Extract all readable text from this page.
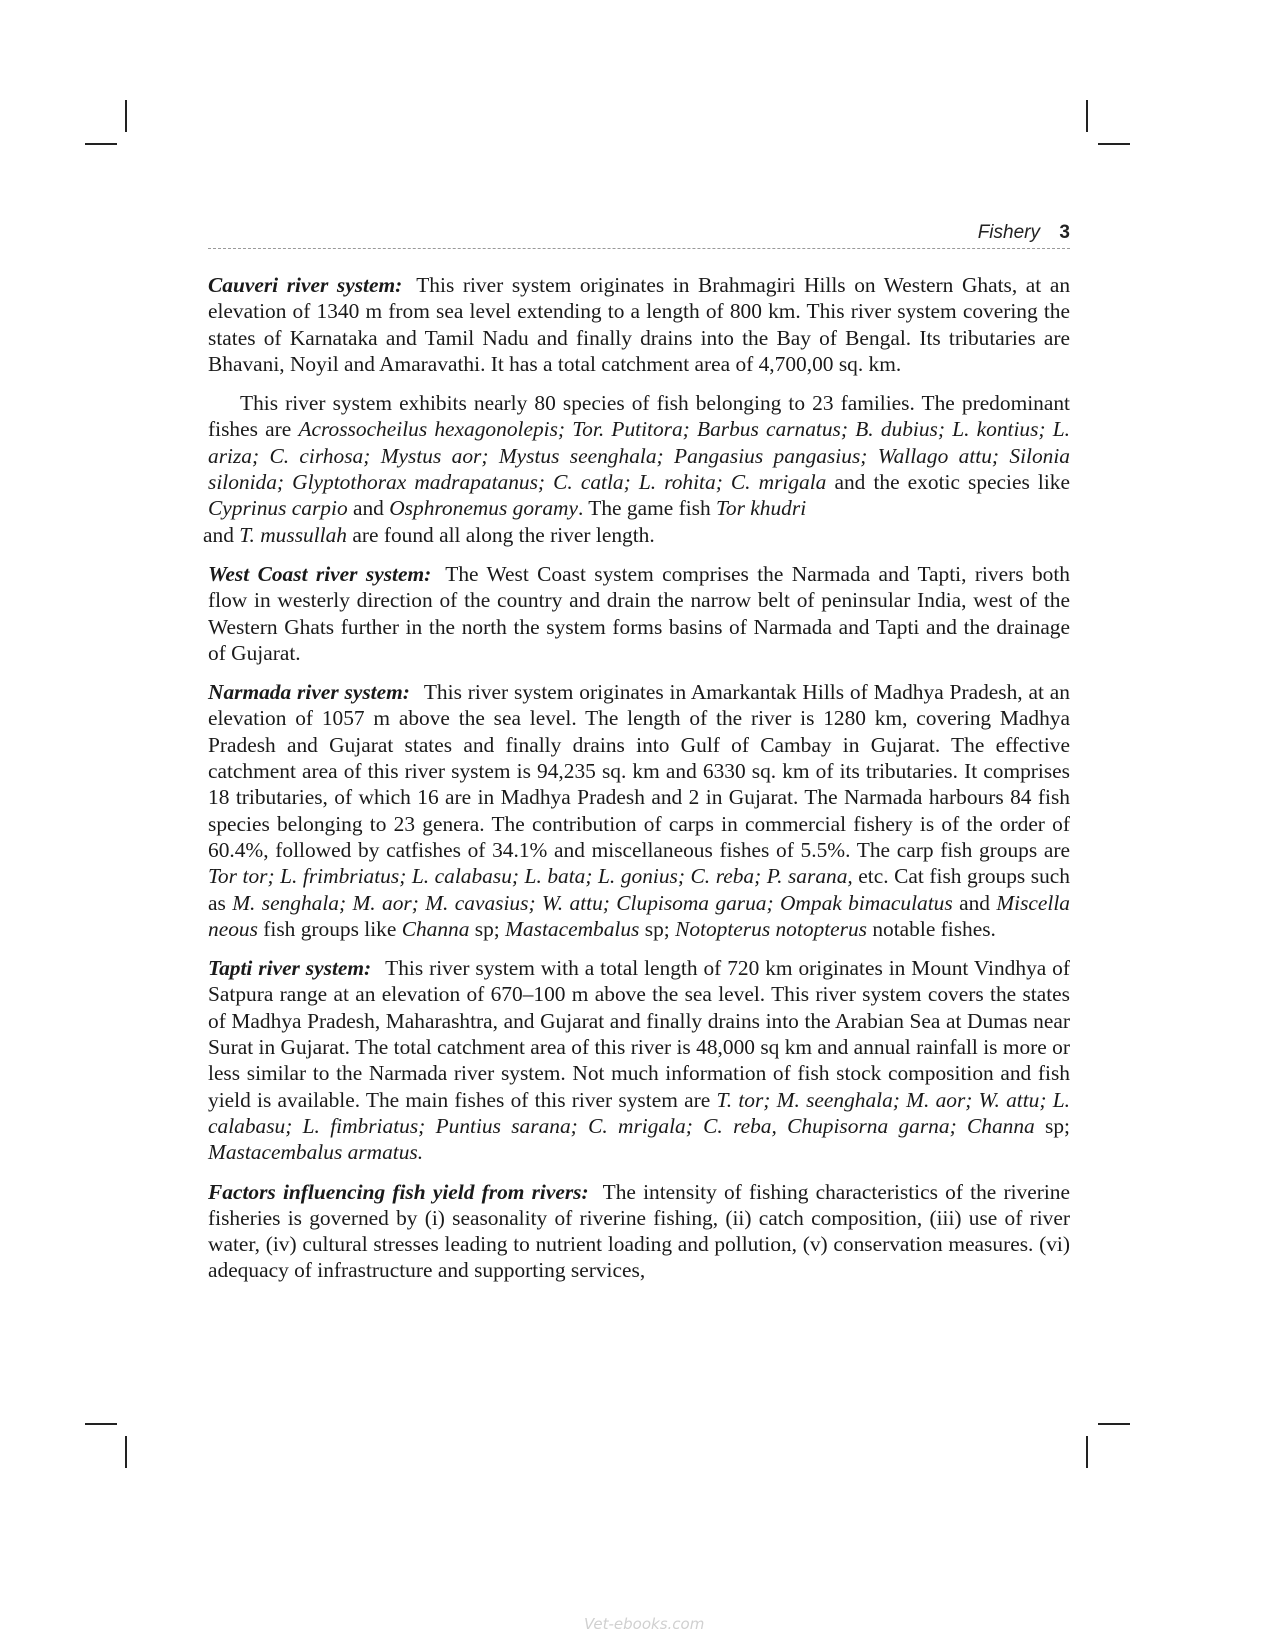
Fishery 3

Cauveri river system: This river system originates in Brahmagiri Hills on Western Ghats, at an elevation of 1340 m from sea level extending to a length of 800 km. This river system covering the states of Karnataka and Tamil Nadu and finally drains into the Bay of Bengal. Its tributaries are Bhavani, Noyil and Amaravathi. It has a total catchment area of 4,700,00 sq. km.

This river system exhibits nearly 80 species of fish belonging to 23 families. The predominant fishes are Acrossocheilus hexagonolepis; Tor. Putitora; Barbus carnatus; B. dubius; L. kontius; L. ariza; C. cirhosa; Mystus aor; Mystus seenghala; Pangasius pangasius; Wallago attu; Silonia silonida; Glyptothorax madrapatanus; C. catla; L. rohita; C. mrigala and the exotic species like Cyprinus carpio and Osphronemus goramy. The game fish Tor khudri
and T. mussullah are found all along the river length.

West Coast river system: The West Coast system comprises the Narmada and Tapti, rivers both flow in westerly direction of the country and drain the narrow belt of peninsular India, west of the Western Ghats further in the north the system forms basins of Narmada and Tapti and the drainage of Gujarat.

Narmada river system: This river system originates in Amarkantak Hills of Madhya Pradesh, at an elevation of 1057 m above the sea level. The length of the river is 1280 km, covering Madhya Pradesh and Gujarat states and finally drains into Gulf of Cambay in Gujarat. The effective catchment area of this river system is 94,235 sq. km and 6330 sq. km of its tributaries. It comprises 18 tributaries, of which 16 are in Madhya Pradesh and 2 in Gujarat. The Narmada harbours 84 fish species belonging to 23 genera. The contribution of carps in commercial fishery is of the order of 60.4%, followed by catfishes of 34.1% and miscellaneous fishes of 5.5%. The carp fish groups are Tor tor; L. frimbriatus; L. calabasu; L. bata; L. gonius; C. reba; P. sarana, etc. Cat fish groups such as M. senghala; M. aor; M. cavasius; W. attu; Clupisoma garua; Ompak bimaculatus and Miscella neous fish groups like Channa sp; Mastacembalus sp; Notopterus notopterus notable fishes.

Tapti river system: This river system with a total length of 720 km originates in Mount Vindhya of Satpura range at an elevation of 670–100 m above the sea level. This river system covers the states of Madhya Pradesh, Maharashtra, and Gujarat and finally drains into the Arabian Sea at Dumas near Surat in Gujarat. The total catchment area of this river is 48,000 sq km and annual rainfall is more or less similar to the Narmada river system. Not much information of fish stock composition and fish yield is available. The main fishes of this river system are T. tor; M. seenghala; M. aor; W. attu; L. calabasu; L. fimbriatus; Puntius sarana; C. mrigala; C. reba, Chupisorna garna; Channa sp; Mastacembalus armatus.

Factors influencing fish yield from rivers: The intensity of fishing characteristics of the riverine fisheries is governed by (i) seasonality of riverine fishing, (ii) catch composition, (iii) use of river water, (iv) cultural stresses leading to nutrient loading and pollution, (v) conservation measures. (vi) adequacy of infrastructure and supporting services,

Vet-ebooks.com
